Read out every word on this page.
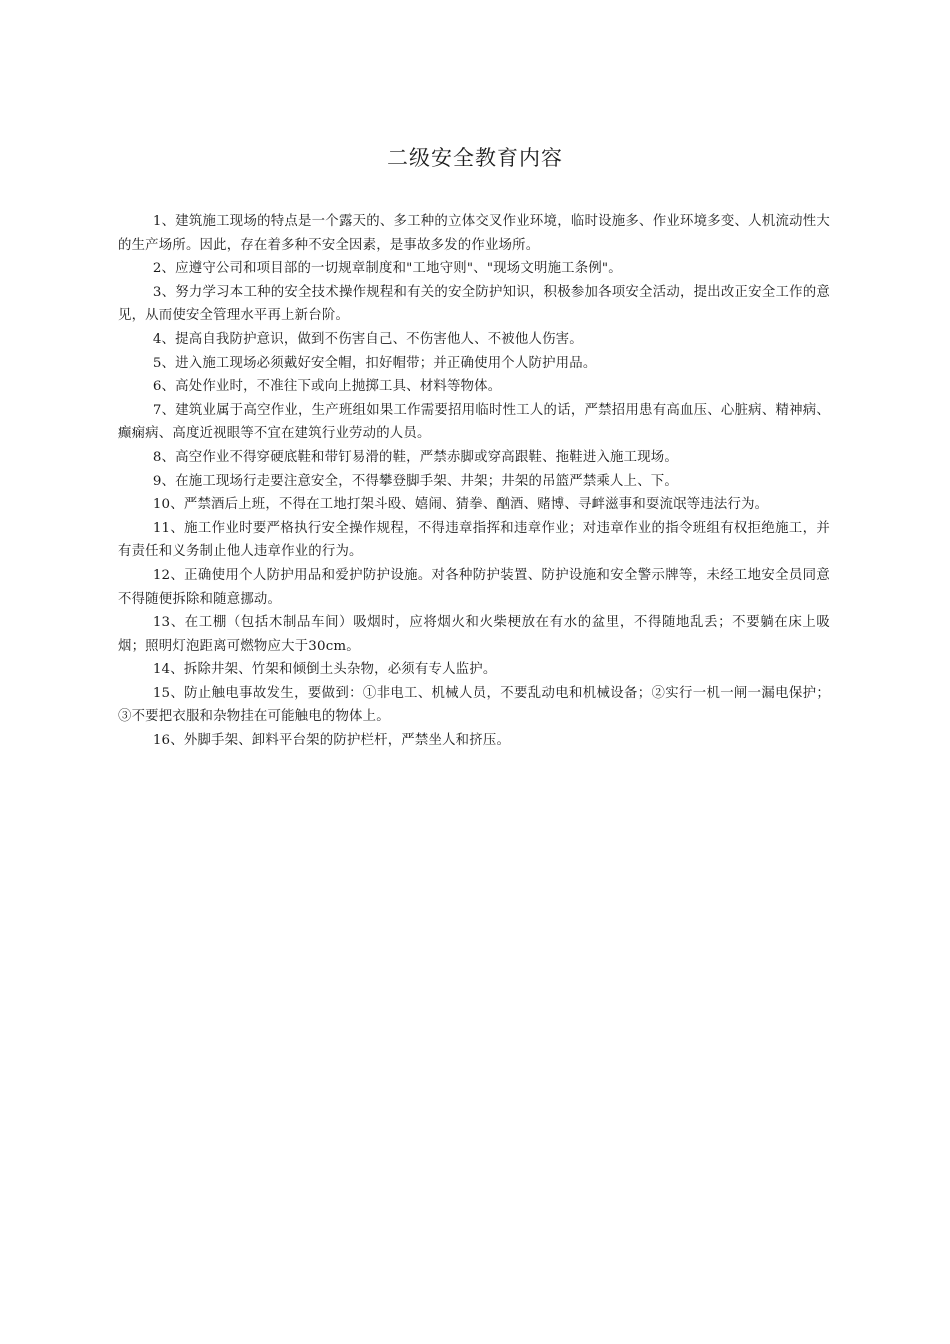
二级安全教育内容

1、建筑施工现场的特点是一个露天的、多工种的立体交叉作业环境，临时设施多、作业环境多变、人机流动性大的生产场所。因此，存在着多种不安全因素，是事故多发的作业场所。

2、应遵守公司和项目部的一切规章制度和"工地守则"、"现场文明施工条例"。

3、努力学习本工种的安全技术操作规程和有关的安全防护知识，积极参加各项安全活动，提出改正安全工作的意见，从而使安全管理水平再上新台阶。

4、提高自我防护意识，做到不伤害自己、不伤害他人、不被他人伤害。

5、进入施工现场必须戴好安全帽，扣好帽带；并正确使用个人防护用品。

6、高处作业时，不准往下或向上抛掷工具、材料等物体。

7、建筑业属于高空作业，生产班组如果工作需要招用临时性工人的话，严禁招用患有高血压、心脏病、精神病、癫痫病、高度近视眼等不宜在建筑行业劳动的人员。

8、高空作业不得穿硬底鞋和带钉易滑的鞋，严禁赤脚或穿高跟鞋、拖鞋进入施工现场。

9、在施工现场行走要注意安全，不得攀登脚手架、井架；井架的吊篮严禁乘人上、下。

10、严禁酒后上班，不得在工地打架斗殴、嬉闹、猜拳、酗酒、赌博、寻衅滋事和耍流氓等违法行为。

11、施工作业时要严格执行安全操作规程，不得违章指挥和违章作业；对违章作业的指令班组有权拒绝施工，并有责任和义务制止他人违章作业的行为。

12、正确使用个人防护用品和爱护防护设施。对各种防护装置、防护设施和安全警示牌等，未经工地安全员同意不得随便拆除和随意挪动。

13、在工棚（包括木制品车间）吸烟时，应将烟火和火柴梗放在有水的盆里，不得随地乱丢；不要躺在床上吸烟；照明灯泡距离可燃物应大于30cm。

14、拆除井架、竹架和倾倒土头杂物，必须有专人监护。

15、防止触电事故发生，要做到：①非电工、机械人员，不要乱动电和机械设备；②实行一机一闸一漏电保护；③不要把衣服和杂物挂在可能触电的物体上。

16、外脚手架、卸料平台架的防护栏杆，严禁坐人和挤压。
